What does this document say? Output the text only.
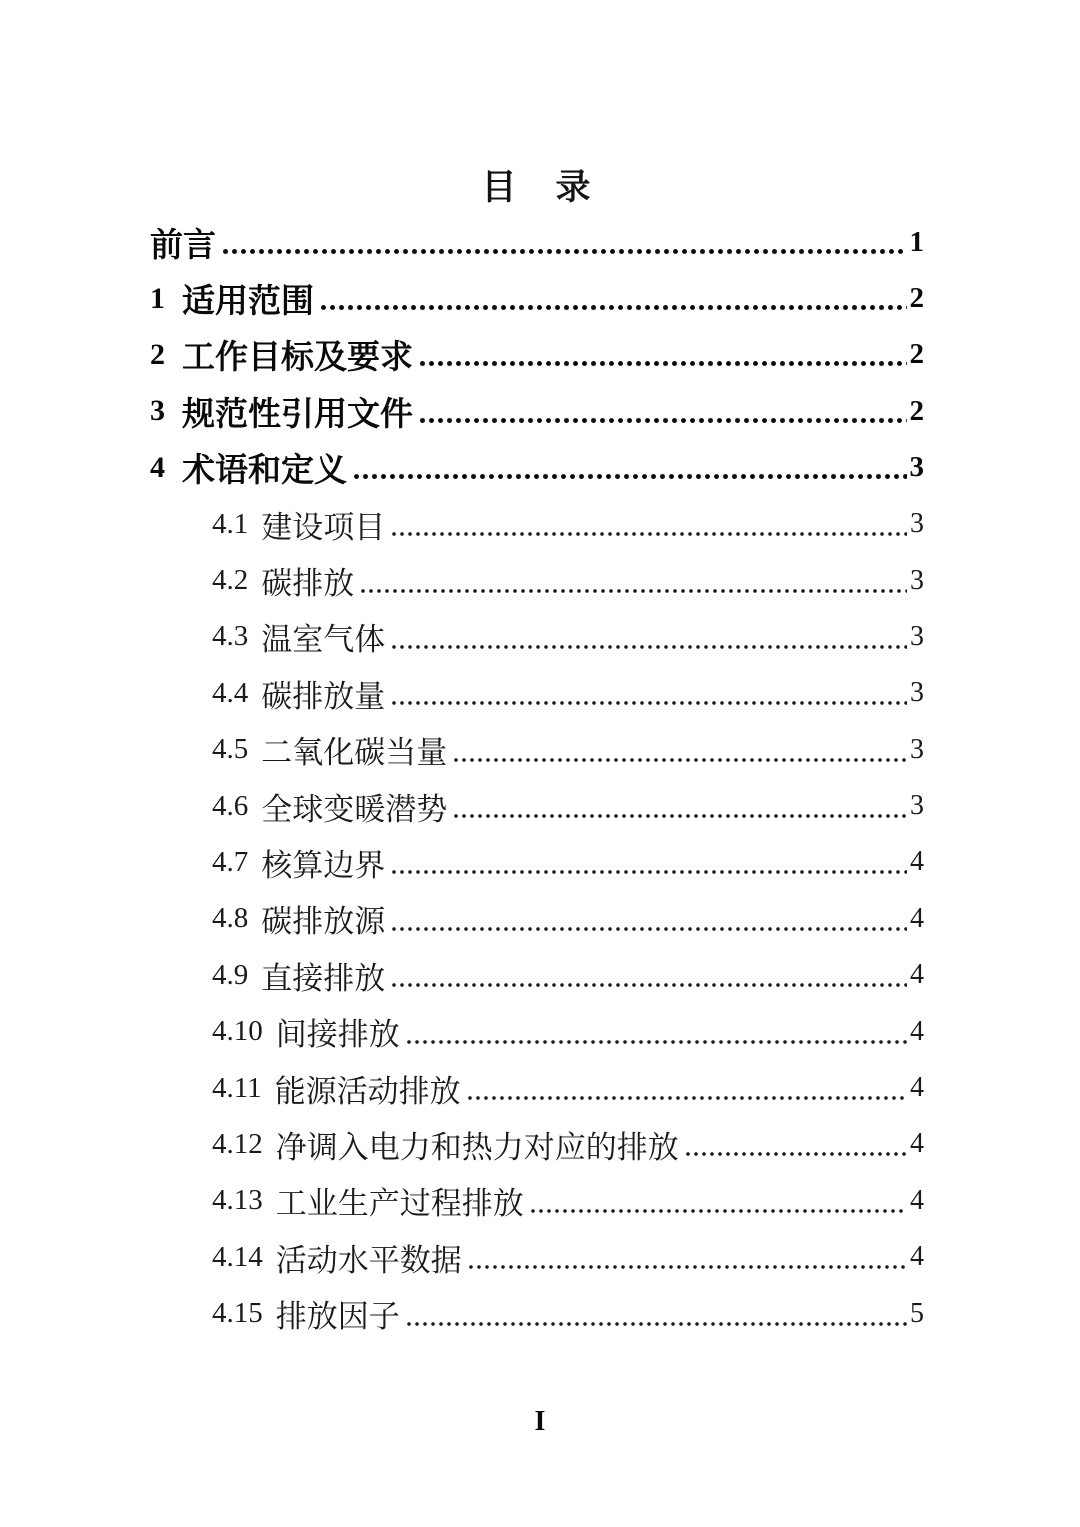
目　录
前言	1
1 适用范围	2
2 工作目标及要求	2
3 规范性引用文件	2
4 术语和定义	3
4.1 建设项目	3
4.2 碳排放	3
4.3 温室气体	3
4.4 碳排放量	3
4.5 二氧化碳当量	3
4.6 全球变暖潜势	3
4.7 核算边界	4
4.8 碳排放源	4
4.9 直接排放	4
4.10 间接排放	4
4.11 能源活动排放	4
4.12 净调入电力和热力对应的排放	4
4.13 工业生产过程排放	4
4.14 活动水平数据	4
4.15 排放因子	5
I
